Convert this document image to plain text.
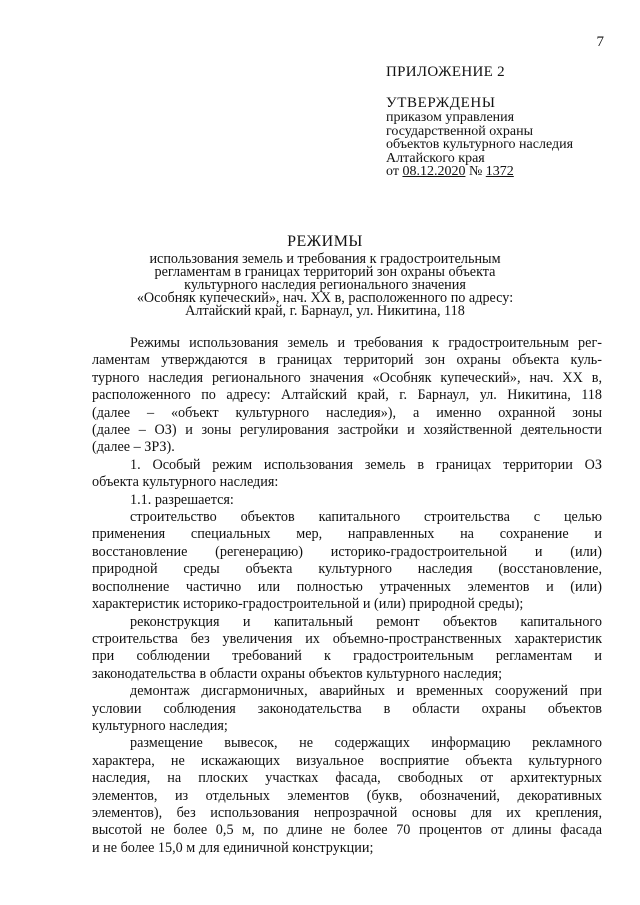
7
ПРИЛОЖЕНИЕ 2
УТВЕРЖДЕНЫ
приказом управления
государственной охраны
объектов культурного наследия
Алтайского края
от 08.12.2020 № 1372
РЕЖИМЫ
использования земель и требования к градостроительным
регламентам в границах территорий зон охраны объекта
культурного наследия регионального значения
«Особняк купеческий», нач. XX в, расположенного по адресу:
Алтайский край, г. Барнаул, ул. Никитина, 118
Режимы использования земель и требования к градостроительным рег-
ламентам утверждаются в границах территорий зон охраны объекта куль-
турного наследия регионального значения «Особняк купеческий», нач. XX в,
расположенного по адресу: Алтайский край, г. Барнаул, ул. Никитина, 118
(далее – «объект культурного наследия»), а именно охранной зоны
(далее – ОЗ) и зоны регулирования застройки и хозяйственной деятельности
(далее – ЗРЗ).
1. Особый режим использования земель в границах территории ОЗ
объекта культурного наследия:
1.1. разрешается:
строительство объектов капитального строительства с целью
применения специальных мер, направленных на сохранение и
восстановление (регенерацию) историко-градостроительной и (или)
природной среды объекта культурного наследия (восстановление,
восполнение частично или полностью утраченных элементов и (или)
характеристик историко-градостроительной и (или) природной среды);
реконструкция и капитальный ремонт объектов капитального
строительства без увеличения их объемно-пространственных характеристик
при соблюдении требований к градостроительным регламентам и
законодательства в области охраны объектов культурного наследия;
демонтаж дисгармоничных, аварийных и временных сооружений при
условии соблюдения законодательства в области охраны объектов
культурного наследия;
размещение вывесок, не содержащих информацию рекламного
характера, не искажающих визуальное восприятие объекта культурного
наследия, на плоских участках фасада, свободных от архитектурных
элементов, из отдельных элементов (букв, обозначений, декоративных
элементов), без использования непрозрачной основы для их крепления,
высотой не более 0,5 м, по длине не более 70 процентов от длины фасада
и не более 15,0 м для единичной конструкции;
